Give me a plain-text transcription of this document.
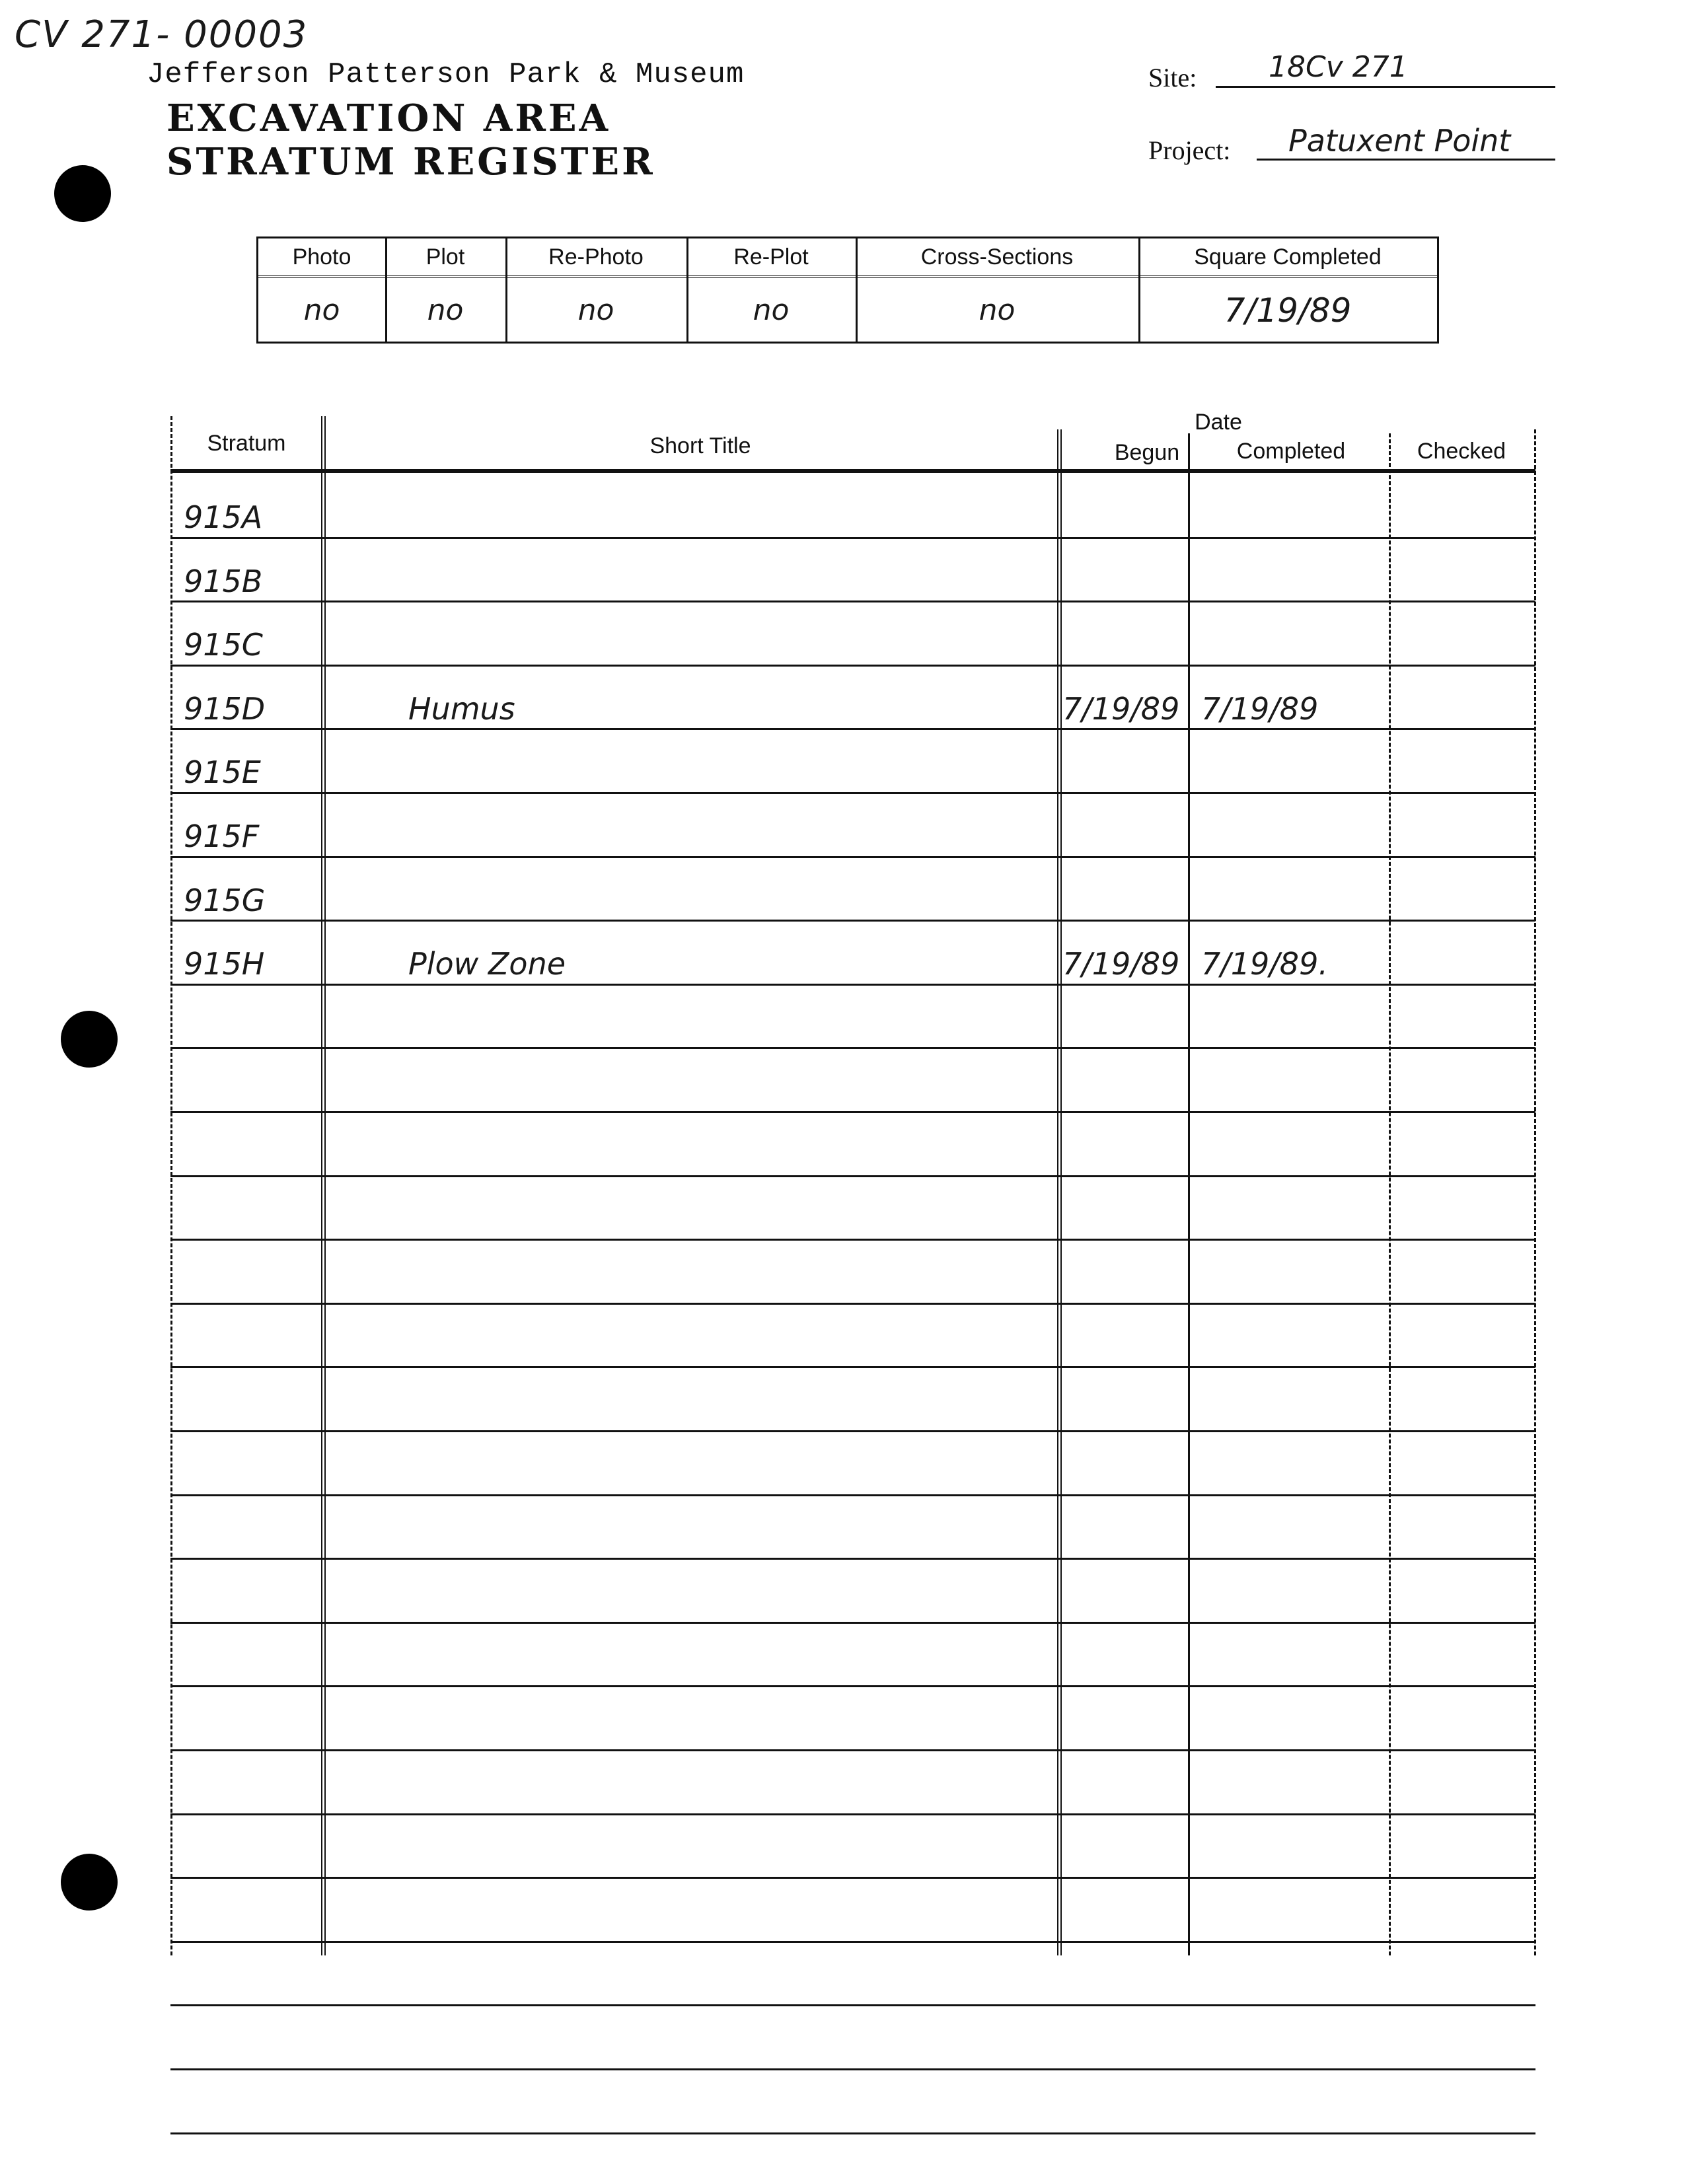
CV 271- 00003
Jefferson Patterson Park & Museum
EXCAVATION AREA
STRATUM REGISTER
Site: 18Cv 271
Project: Patuxent Point
Photo	Plot	Re-Photo	Re-Plot	Cross-Sections	Square Completed
no	no	no	no	no	7/19/89
Date
Stratum	Short Title	Begun	Completed	Checked
915A
915B
915C
915D	Humus	7/19/89 7/19/89
915E
915F
915G
915H	Plow Zone	7/19/89 7/19/89.
